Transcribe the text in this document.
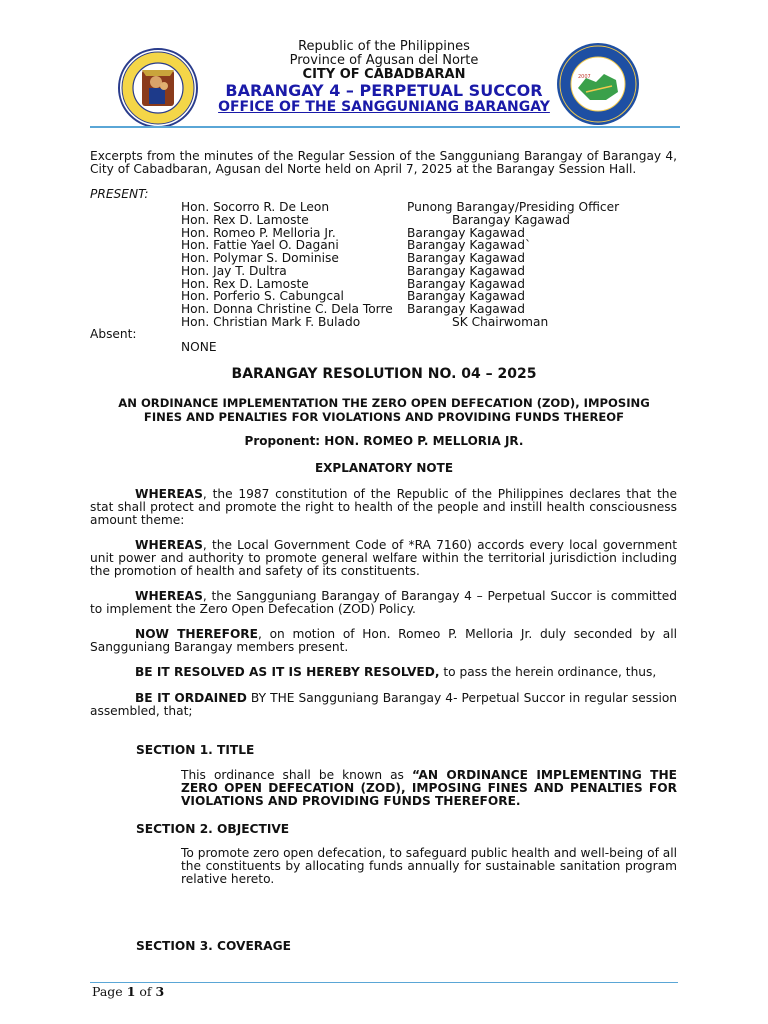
2007
Republic of the Philippines
Province of Agusan del Norte
CITY OF CABADBARAN
BARANGAY 4 – PERPETUAL SUCCOR
OFFICE OF THE SANGGUNIANG BARANGAY
Excerpts from the minutes of the Regular Session of the Sangguniang Barangay of Barangay 4, City of Cabadbaran, Agusan del Norte held on April 7, 2025 at the Barangay Session Hall.
PRESENT:
Hon. Socorro R. De Leon	Punong Barangay/Presiding Officer
Hon. Rex D. Lamoste	Barangay Kagawad
Hon. Romeo P. Melloria Jr.	Barangay Kagawad
Hon. Fattie Yael O. Dagani	Barangay Kagawad`
Hon. Polymar S. Dominise	Barangay Kagawad
Hon. Jay T. Dultra	Barangay Kagawad
Hon. Rex D. Lamoste	Barangay Kagawad
Hon. Porferio S. Cabungcal	Barangay Kagawad
Hon. Donna Christine C. Dela Torre Barangay Kagawad
Hon. Christian Mark F. Bulado	SK Chairwoman
Absent:
NONE
BARANGAY RESOLUTION NO. 04 – 2025
AN ORDINANCE IMPLEMENTATION THE ZERO OPEN DEFECATION (ZOD), IMPOSING
FINES AND PENALTIES FOR VIOLATIONS AND PROVIDING FUNDS THEREOF
Proponent: HON. ROMEO P. MELLORIA JR.
EXPLANATORY NOTE
WHEREAS, the 1987 constitution of the Republic of the Philippines declares that the stat shall protect and promote the right to health of the people and instill health consciousness amount theme:
WHEREAS, the Local Government Code of *RA 7160) accords every local government unit power and authority to promote general welfare within the territorial jurisdiction including the promotion of health and safety of its constituents.
WHEREAS, the Sangguniang Barangay of Barangay 4 – Perpetual Succor is committed to implement the Zero Open Defecation (ZOD) Policy.
NOW THEREFORE, on motion of Hon. Romeo P. Melloria Jr. duly seconded by all Sangguniang Barangay members present.
BE IT RESOLVED AS IT IS HEREBY RESOLVED, to pass the herein ordinance, thus,
BE IT ORDAINED BY THE Sangguniang Barangay 4- Perpetual Succor in regular session assembled, that;
SECTION 1. TITLE
This ordinance shall be known as “AN ORDINANCE IMPLEMENTING THE ZERO OPEN DEFECATION (ZOD), IMPOSING FINES AND PENALTIES FOR VIOLATIONS AND PROVIDING FUNDS THEREFORE.
SECTION 2. OBJECTIVE
To promote zero open defecation, to safeguard public health and well-being of all the constituents by allocating funds annually for sustainable sanitation program relative hereto.
SECTION 3. COVERAGE
Page 1 of 3
